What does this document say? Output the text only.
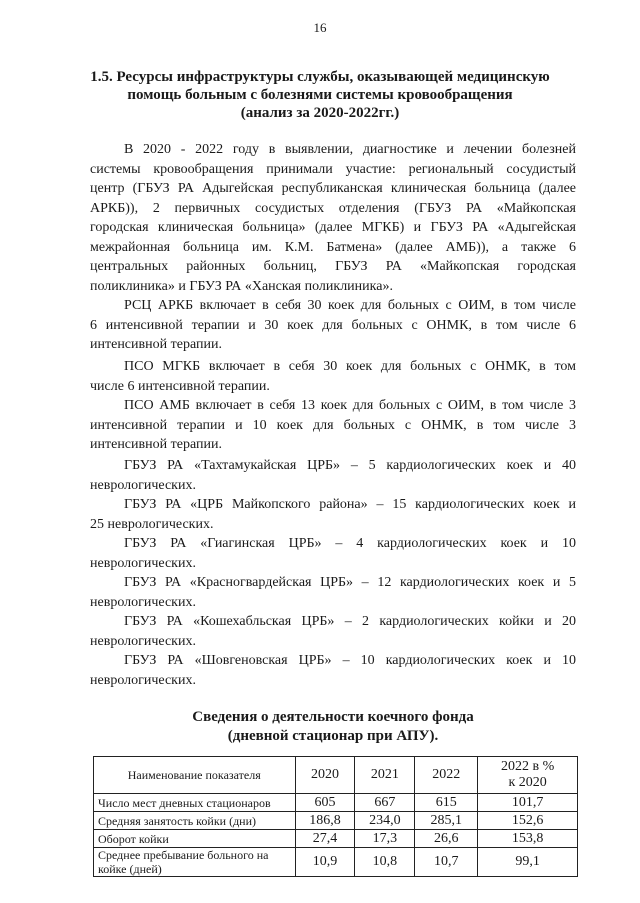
16
1.5. Ресурсы инфраструктуры службы, оказывающей медицинскую
помощь больным с болезнями системы кровообращения
(анализ за 2020-2022гг.)
В 2020 - 2022 году в выявлении, диагностике и лечении болезней
системы кровообращения принимали участие: региональный сосудистый
центр (ГБУЗ РА Адыгейская республиканская клиническая больница (далее
АРКБ)), 2 первичных сосудистых отделения (ГБУЗ РА «Майкопская
городская клиническая больница» (далее МГКБ) и ГБУЗ РА «Адыгейская
межрайонная больница им. К.М. Батмена» (далее АМБ)), а также 6
центральных районных больниц, ГБУЗ РА «Майкопская городская
поликлиника» и ГБУЗ РА «Ханская поликлиника».
РСЦ АРКБ включает в себя 30 коек для больных с ОИМ, в том числе
6 интенсивной терапии и 30 коек для больных с ОНМК, в том числе 6
интенсивной терапии.
ПСО МГКБ включает в себя 30 коек для больных с ОНМК, в том
числе 6 интенсивной терапии.
ПСО АМБ включает в себя 13 коек для больных с ОИМ, в том числе 3
интенсивной терапии и 10 коек для больных с ОНМК, в том числе 3
интенсивной терапии.
ГБУЗ РА «Тахтамукайская ЦРБ» – 5 кардиологических коек и 40
неврологических.
ГБУЗ РА «ЦРБ Майкопского района» – 15 кардиологических коек и
25 неврологических.
ГБУЗ РА «Гиагинская ЦРБ» – 4 кардиологических коек и 10
неврологических.
ГБУЗ РА «Красногвардейская ЦРБ» – 12 кардиологических коек и 5
неврологических.
ГБУЗ РА «Кошехабльская ЦРБ» – 2 кардиологических койки и 20
неврологических.
ГБУЗ РА «Шовгеновская ЦРБ» – 10 кардиологических коек и 10
неврологических.
Сведения о деятельности коечного фонда
(дневной стационар при АПУ).
Наименование показателя	2020	2021	2022	2022 в %
к 2020

Число мест дневных стационаров	605	667	615	101,7
Средняя занятость койки (дни)	186,8	234,0	285,1	152,6
Оборот койки	27,4	17,3	26,6	153,8
Среднее пребывание больного на койке (дней)	10,9	10,8	10,7	99,1
